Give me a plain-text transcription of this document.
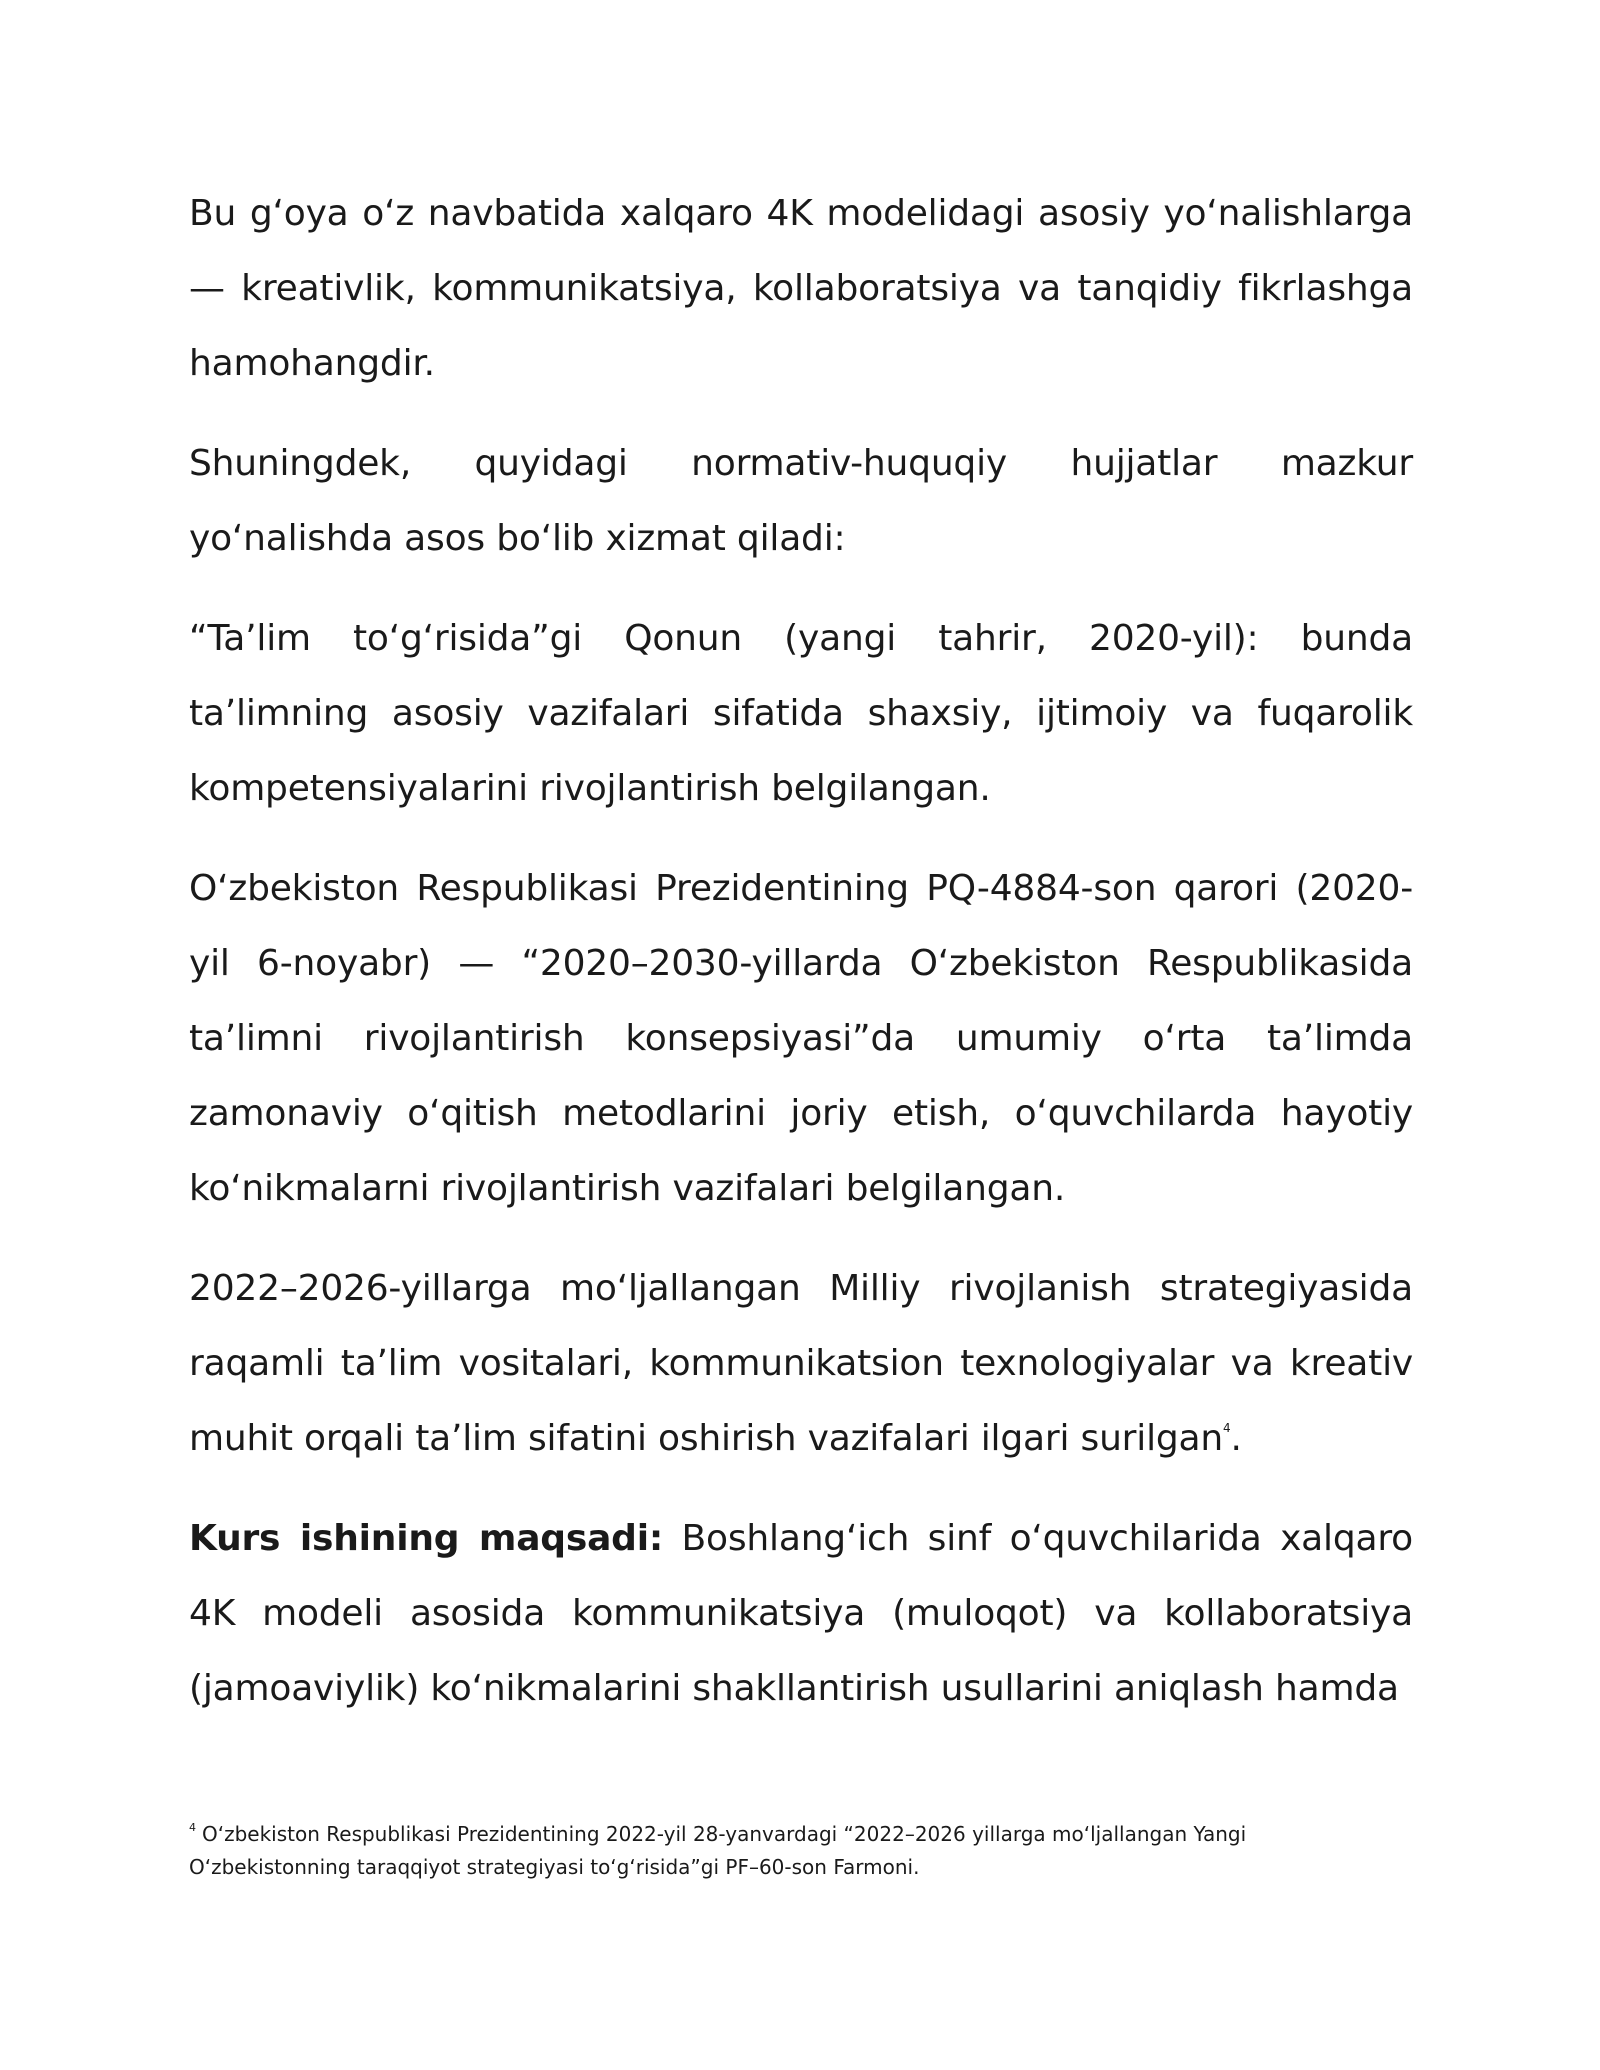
Bu g‘oya o‘z navbatida xalqaro 4K modelidagi asosiy yo‘nalishlarga — kreativlik, kommunikatsiya, kollaboratsiya va tanqidiy fikrlashga hamohangdir.

Shuningdek, quyidagi normativ-huquqiy hujjatlar mazkur yo‘nalishda asos bo‘lib xizmat qiladi:

“Ta’lim to‘g‘risida”gi Qonun (yangi tahrir, 2020-yil): bunda ta’limning asosiy vazifalari sifatida shaxsiy, ijtimoiy va fuqarolik kompetensiyalarini rivojlantirish belgilangan.

O‘zbekiston Respublikasi Prezidentining PQ-4884-son qarori (2020-yil 6-noyabr) — “2020–2030-yillarda O‘zbekiston Respublikasida ta’limni rivojlantirish konsepsiyasi”da umumiy o‘rta ta’limda zamonaviy o‘qitish metodlarini joriy etish, o‘quvchilarda hayotiy ko‘nikmalarni rivojlantirish vazifalari belgilangan.

2022–2026-yillarga mo‘ljallangan Milliy rivojlanish strategiyasida raqamli ta’lim vositalari, kommunikatsion texnologiyalar va kreativ muhit orqali ta’lim sifatini oshirish vazifalari ilgari surilgan$^4$.

Kurs ishining maqsadi: Boshlang‘ich sinf o‘quvchilarida xalqaro 4K modeli asosida kommunikatsiya (muloqot) va kollaboratsiya (jamoaviylik) ko‘nikmalarini shakllantirish usullarini aniqlash hamda

$^4$ O‘zbekiston Respublikasi Prezidentining 2022-yil 28-yanvardagi “2022–2026 yillarga mo‘ljallangan Yangi O‘zbekistonning taraqqiyot strategiyasi to‘g‘risida”gi PF–60-son Farmoni.
